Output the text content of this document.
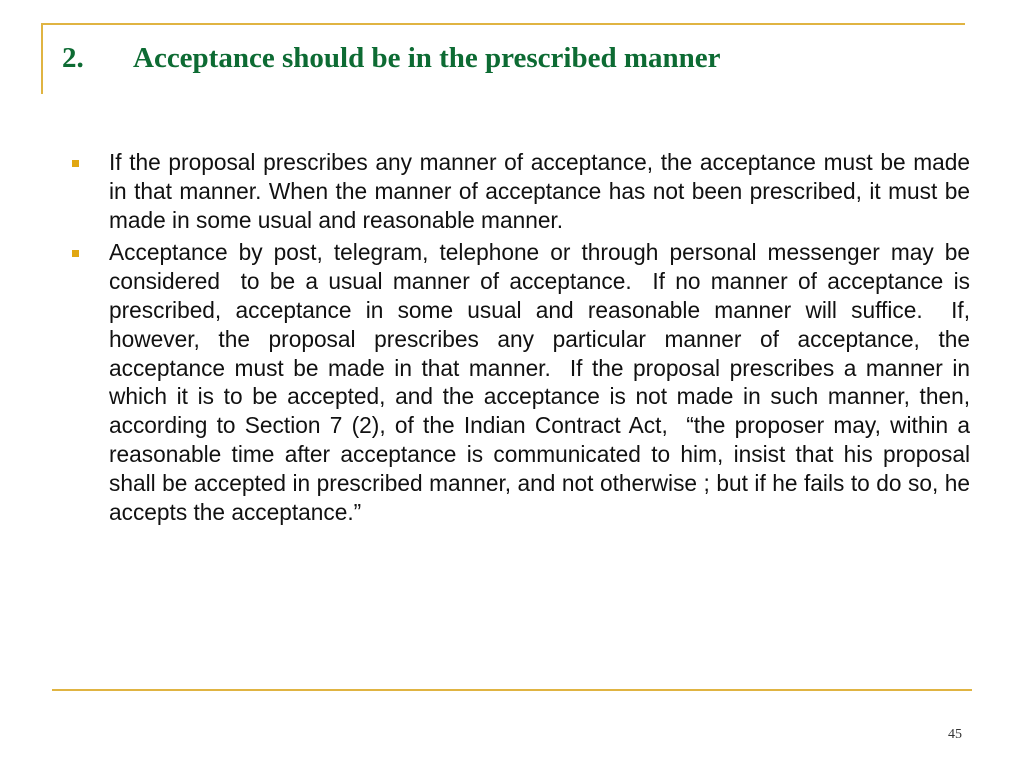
2. Acceptance should be in the prescribed manner
If the proposal prescribes any manner of acceptance, the acceptance must be made in that manner. When the manner of acceptance has not been prescribed, it must be made in some usual and reasonable manner.
Acceptance by post, telegram, telephone or through personal messenger may be considered  to be a usual manner of acceptance.  If no manner of acceptance is prescribed, acceptance in some usual and reasonable manner will suffice.  If, however, the proposal prescribes any particular manner of acceptance, the acceptance must be made in that manner.  If the proposal prescribes a manner in which it is to be accepted, and the acceptance is not made in such manner, then, according to Section 7 (2), of the Indian Contract Act,  “the proposer may, within a reasonable time after acceptance is communicated to him, insist that his proposal shall be accepted in prescribed manner, and not otherwise ; but if he fails to do so, he accepts the acceptance.”
45
